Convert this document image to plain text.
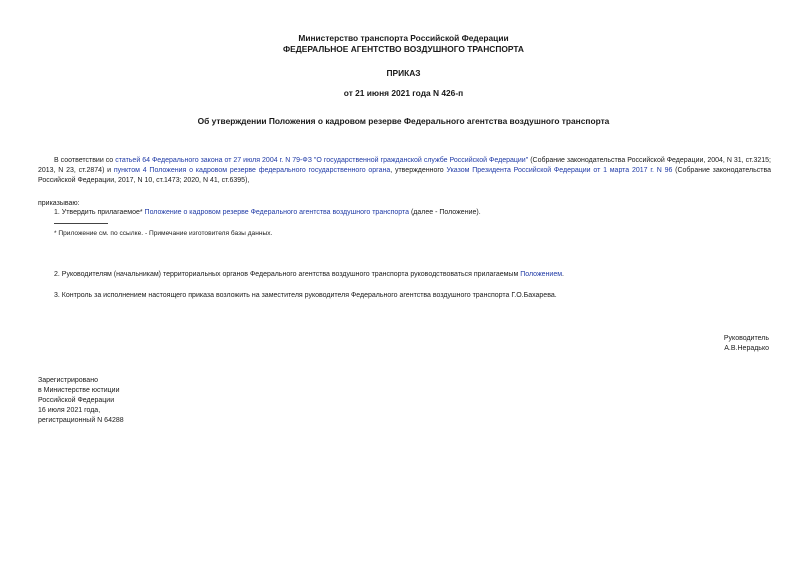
Министерство транспорта Российской Федерации
ФЕДЕРАЛЬНОЕ АГЕНТСТВО ВОЗДУШНОГО ТРАНСПОРТА
ПРИКАЗ
от 21 июня 2021 года N 426-п
Об утверждении Положения о кадровом резерве Федерального агентства воздушного транспорта
В соответствии со статьей 64 Федерального закона от 27 июля 2004 г. N 79-ФЗ "О государственной гражданской службе Российской Федерации" (Собрание законодательства Российской Федерации, 2004, N 31, ст.3215; 2013, N 23, ст.2874) и пунктом 4 Положения о кадровом резерве федерального государственного органа, утвержденного Указом Президента Российской Федерации от 1 марта 2017 г. N 96 (Собрание законодательства Российской Федерации, 2017, N 10, ст.1473; 2020, N 41, ст.6395),
приказываю:
1. Утвердить прилагаемое* Положение о кадровом резерве Федерального агентства воздушного транспорта (далее - Положение).
* Приложение см. по ссылке. - Примечание изготовителя базы данных.
2. Руководителям (начальникам) территориальных органов Федерального агентства воздушного транспорта руководствоваться прилагаемым Положением.
3. Контроль за исполнением настоящего приказа возложить на заместителя руководителя Федерального агентства воздушного транспорта Г.О.Бахарева.
Руководитель
А.В.Нерадько
Зарегистрировано
в Министерстве юстиции
Российской Федерации
16 июля 2021 года,
регистрационный N 64288
